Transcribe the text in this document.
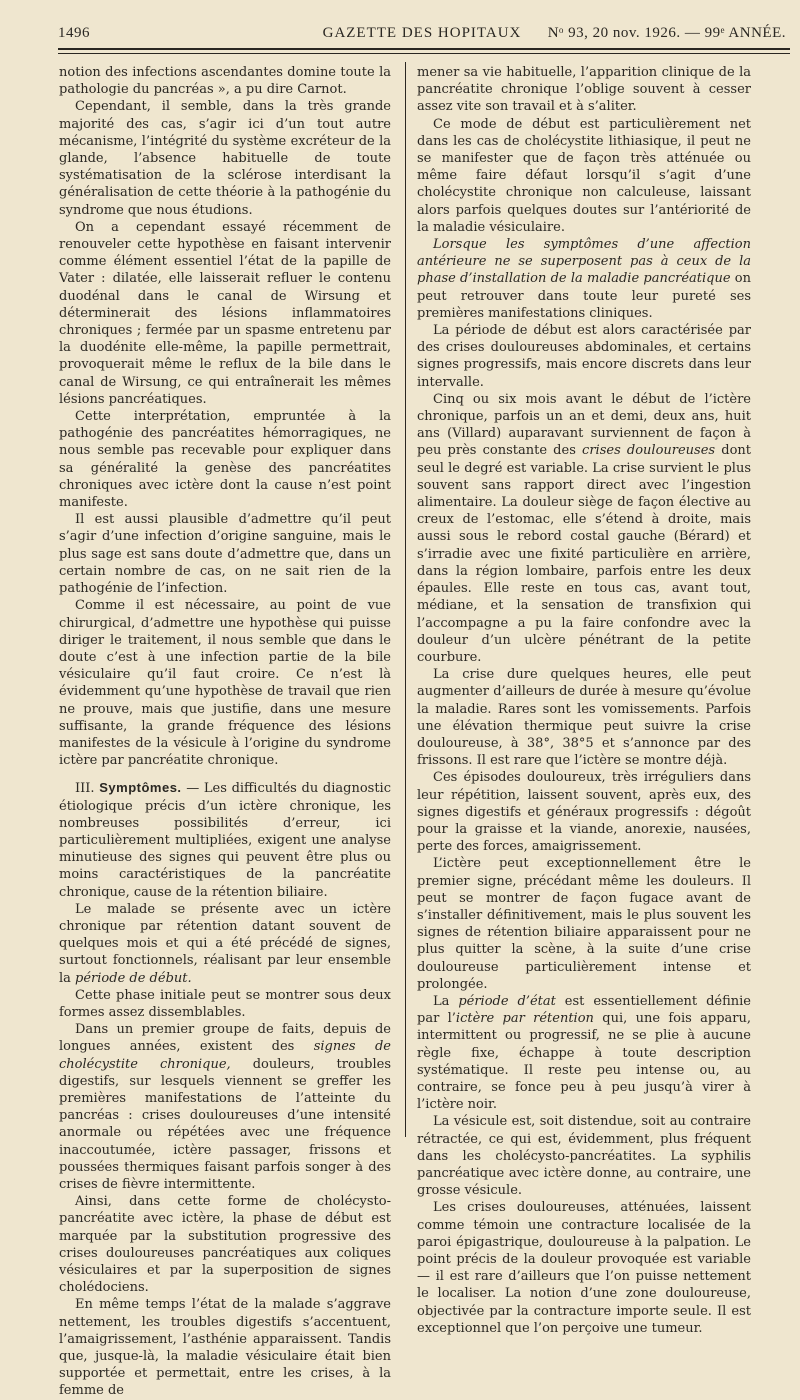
1496	GAZETTE DES HOPITAUX	Nᵒ 93, 20 nov. 1926. — 99ᵉ ANNÉE.

notion des infections ascendantes domine toute la pathologie du pancréas », a pu dire Carnot.

Cependant, il semble, dans la très grande majorité des cas, s’agir ici d’un tout autre mécanisme, l’intégrité du système excréteur de la glande, l’absence habituelle de toute systématisation de la sclérose interdisant la généralisation de cette théorie à la pathogénie du syndrome que nous étudions.

On a cependant essayé récemment de renouveler cette hypothèse en faisant intervenir comme élément essentiel l’état de la papille de Vater : dilatée, elle laisserait refluer le contenu duodénal dans le canal de Wirsung et déterminerait des lésions inflammatoires chroniques ; fermée par un spasme entretenu par la duodénite elle-même, la papille permettrait, provoquerait même le reflux de la bile dans le canal de Wirsung, ce qui entraînerait les mêmes lésions pancréatiques.

Cette interprétation, empruntée à la pathogénie des pancréatites hémorragiques, ne nous semble pas recevable pour expliquer dans sa généralité la genèse des pancréatites chroniques avec ictère dont la cause n’est point manifeste.

Il est aussi plausible d’admettre qu’il peut s’agir d’une infection d’origine sanguine, mais le plus sage est sans doute d’admettre que, dans un certain nombre de cas, on ne sait rien de la pathogénie de l’infection.

Comme il est nécessaire, au point de vue chirurgical, d’admettre une hypothèse qui puisse diriger le traitement, il nous semble que dans le doute c’est à une infection partie de la bile vésiculaire qu’il faut croire. Ce n’est là évidemment qu’une hypothèse de travail que rien ne prouve, mais que justifie, dans une mesure suffisante, la grande fréquence des lésions manifestes de la vésicule à l’origine du syndrome ictère par pancréatite chronique.

III. Symptômes. — Les difficultés du diagnostic étiologique précis d’un ictère chronique, les nombreuses possibilités d’erreur, ici particulièrement multipliées, exigent une analyse minutieuse des signes qui peuvent être plus ou moins caractéristiques de la pancréatite chronique, cause de la rétention biliaire.

Le malade se présente avec un ictère chronique par rétention datant souvent de quelques mois et qui a été précédé de signes, surtout fonctionnels, réalisant par leur ensemble la période de début.

Cette phase initiale peut se montrer sous deux formes assez dissemblables.

Dans un premier groupe de faits, depuis de longues années, existent des signes de cholécystite chronique, douleurs, troubles digestifs, sur lesquels viennent se greffer les premières manifestations de l’atteinte du pancréas : crises douloureuses d’une intensité anormale ou répétées avec une fréquence inaccoutumée, ictère passager, frissons et poussées thermiques faisant parfois songer à des crises de fièvre intermittente.

Ainsi, dans cette forme de cholécysto-pancréatite avec ictère, la phase de début est marquée par la substitution progressive des crises douloureuses pancréatiques aux coliques vésiculaires et par la superposition de signes cholédociens.

En même temps l’état de la malade s’aggrave nettement, les troubles digestifs s’accentuent, l’amaigrissement, l’asthénie apparaissent. Tandis que, jusque-là, la maladie vésiculaire était bien supportée et permettait, entre les crises, à la femme de

mener sa vie habituelle, l’apparition clinique de la pancréatite chronique l’oblige souvent à cesser assez vite son travail et à s’aliter.

Ce mode de début est particulièrement net dans les cas de cholécystite lithiasique, il peut ne se manifester que de façon très atténuée ou même faire défaut lorsqu’il s’agit d’une cholécystite chronique non calculeuse, laissant alors parfois quelques doutes sur l’antériorité de la maladie vésiculaire.

Lorsque les symptômes d’une affection antérieure ne se superposent pas à ceux de la phase d’installation de la maladie pancréatique on peut retrouver dans toute leur pureté ses premières manifestations cliniques.

La période de début est alors caractérisée par des crises douloureuses abdominales, et certains signes progressifs, mais encore discrets dans leur intervalle.

Cinq ou six mois avant le début de l’ictère chronique, parfois un an et demi, deux ans, huit ans (Villard) auparavant surviennent de façon à peu près constante des crises douloureuses dont seul le degré est variable. La crise survient le plus souvent sans rapport direct avec l’ingestion alimentaire. La douleur siège de façon élective au creux de l’estomac, elle s’étend à droite, mais aussi sous le rebord costal gauche (Bérard) et s’irradie avec une fixité particulière en arrière, dans la région lombaire, parfois entre les deux épaules. Elle reste en tous cas, avant tout, médiane, et la sensation de transfixion qui l’accompagne a pu la faire confondre avec la douleur d’un ulcère pénétrant de la petite courbure.

La crise dure quelques heures, elle peut augmenter d’ailleurs de durée à mesure qu’évolue la maladie. Rares sont les vomissements. Parfois une élévation thermique peut suivre la crise douloureuse, à 38°, 38°5 et s’annonce par des frissons. Il est rare que l’ictère se montre déjà.

Ces épisodes douloureux, très irréguliers dans leur répétition, laissent souvent, après eux, des signes digestifs et généraux progressifs : dégoût pour la graisse et la viande, anorexie, nausées, perte des forces, amaigrissement.

L’ictère peut exceptionnellement être le premier signe, précédant même les douleurs. Il peut se montrer de façon fugace avant de s’installer définitivement, mais le plus souvent les signes de rétention biliaire apparaissent pour ne plus quitter la scène, à la suite d’une crise douloureuse particulièrement intense et prolongée.

La période d’état est essentiellement définie par l’ictère par rétention qui, une fois apparu, intermittent ou progressif, ne se plie à aucune règle fixe, échappe à toute description systématique. Il reste peu intense ou, au contraire, se fonce peu à peu jusqu’à virer à l’ictère noir.

La vésicule est, soit distendue, soit au contraire rétractée, ce qui est, évidemment, plus fréquent dans les cholécysto-pancréatites. La syphilis pancréatique avec ictère donne, au contraire, une grosse vésicule.

Les crises douloureuses, atténuées, laissent comme témoin une contracture localisée de la paroi épigastrique, douloureuse à la palpation. Le point précis de la douleur provoquée est variable — il est rare d’ailleurs que l’on puisse nettement le localiser. La notion d’une zone douloureuse, objectivée par la contracture importe seule. Il est exceptionnel que l’on perçoive une tumeur.
